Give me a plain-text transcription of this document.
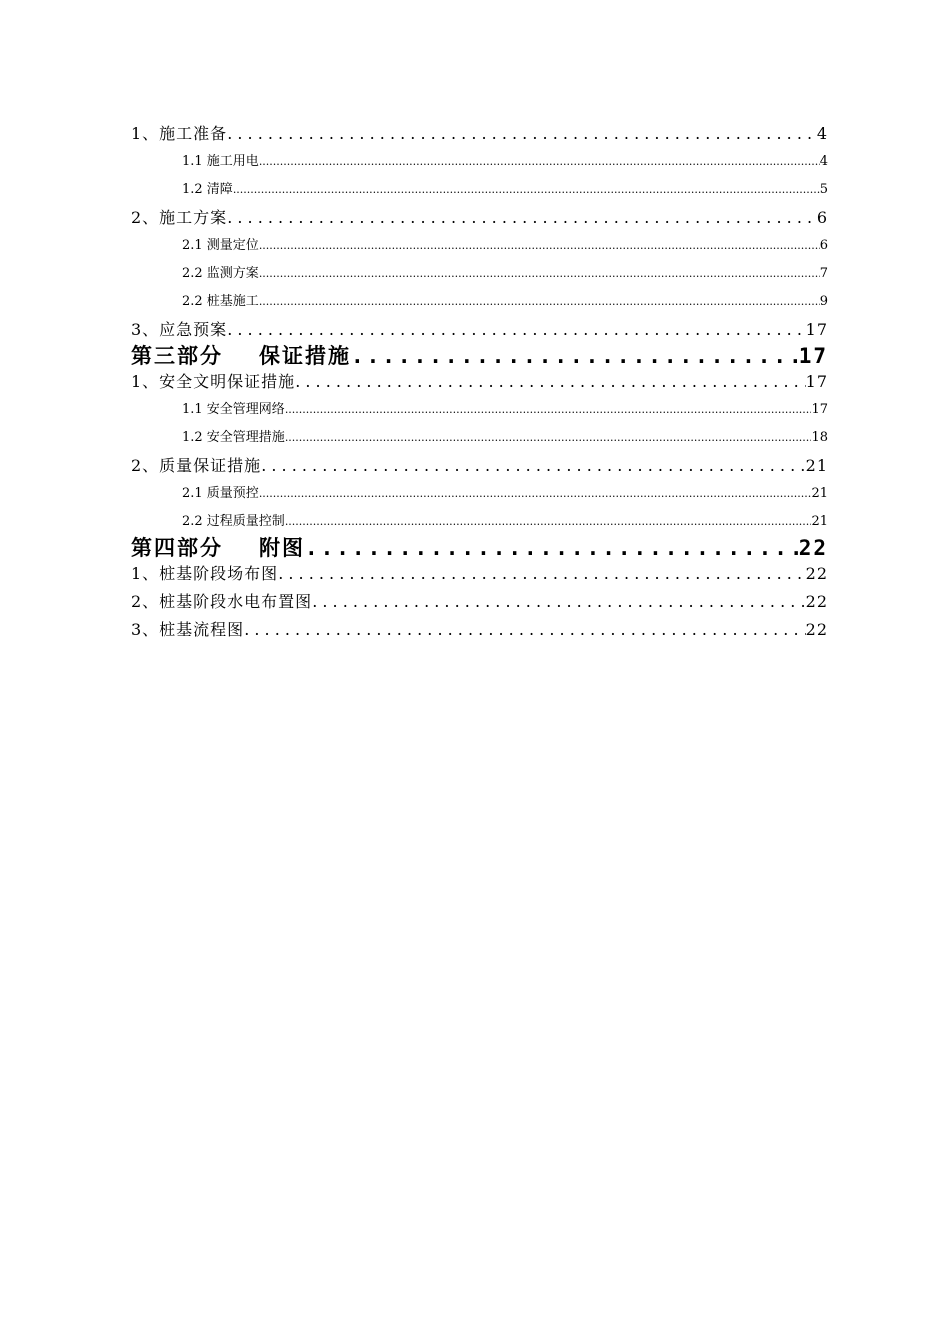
1、施工准备 . . .	4
1.1 施工用电 .....	4
1.2 清障 .....	5
2、施工方案 . . .	6
2.1 测量定位 .....	6
2.2 监测方案 .....	7
2.2 桩基施工 .....	9
3、应急预案 . . .	17
第三部分 保证措施 .....	17
1、安全文明保证措施 . . .	17
1.1 安全管理网络 .....	17
1.2 安全管理措施 .....	18
2、质量保证措施 . . .	21
2.1 质量预控 .....	21
2.2 过程质量控制 .....	21
第四部分 附图 .....	22
1、桩基阶段场布图 . . .	22
2、桩基阶段水电布置图 . . .	22
3、桩基流程图 . . .	22
